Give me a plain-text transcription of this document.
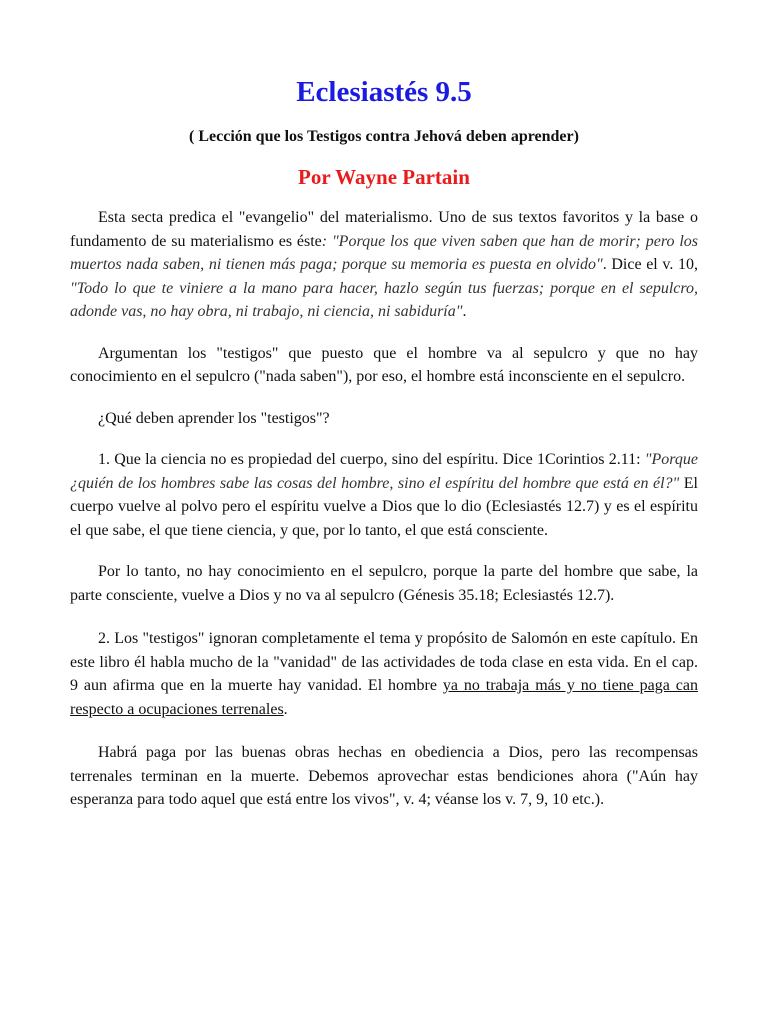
Eclesiastés 9.5

( Lección que los Testigos contra Jehová deben aprender)

Por Wayne Partain

Esta secta predica el "evangelio" del materialismo. Uno de sus textos favoritos y la base o fundamento de su materialismo es éste: "Porque los que viven saben que han de morir; pero los muertos nada saben, ni tienen más paga; porque su memoria es puesta en olvido". Dice el v. 10, "Todo lo que te viniere a la mano para hacer, hazlo según tus fuerzas; porque en el sepulcro, adonde vas, no hay obra, ni trabajo, ni ciencia, ni sabiduría".

Argumentan los "testigos" que puesto que el hombre va al sepulcro y que no hay conocimiento en el sepulcro ("nada saben"), por eso, el hombre está inconsciente en el sepulcro.

¿Qué deben aprender los "testigos"?

1. Que la ciencia no es propiedad del cuerpo, sino del espíritu. Dice 1Corintios 2.11: "Porque ¿quién de los hombres sabe las cosas del hombre, sino el espíritu del hombre que está en él?" El cuerpo vuelve al polvo pero el espíritu vuelve a Dios que lo dio (Eclesiastés 12.7) y es el espíritu el que sabe, el que tiene ciencia, y que, por lo tanto, el que está consciente.

Por lo tanto, no hay conocimiento en el sepulcro, porque la parte del hombre que sabe, la parte consciente, vuelve a Dios y no va al sepulcro (Génesis 35.18; Eclesiastés 12.7).

2. Los "testigos" ignoran completamente el tema y propósito de Salomón en este capítulo. En este libro él habla mucho de la "vanidad" de las actividades de toda clase en esta vida. En el cap. 9 aun afirma que en la muerte hay vanidad. El hombre ya no trabaja más y no tiene paga can respecto a ocupaciones terrenales.

Habrá paga por las buenas obras hechas en obediencia a Dios, pero las recompensas terrenales terminan en la muerte. Debemos aprovechar estas bendiciones ahora ("Aún hay esperanza para todo aquel que está entre los vivos", v. 4; véanse los v. 7, 9, 10 etc.).
